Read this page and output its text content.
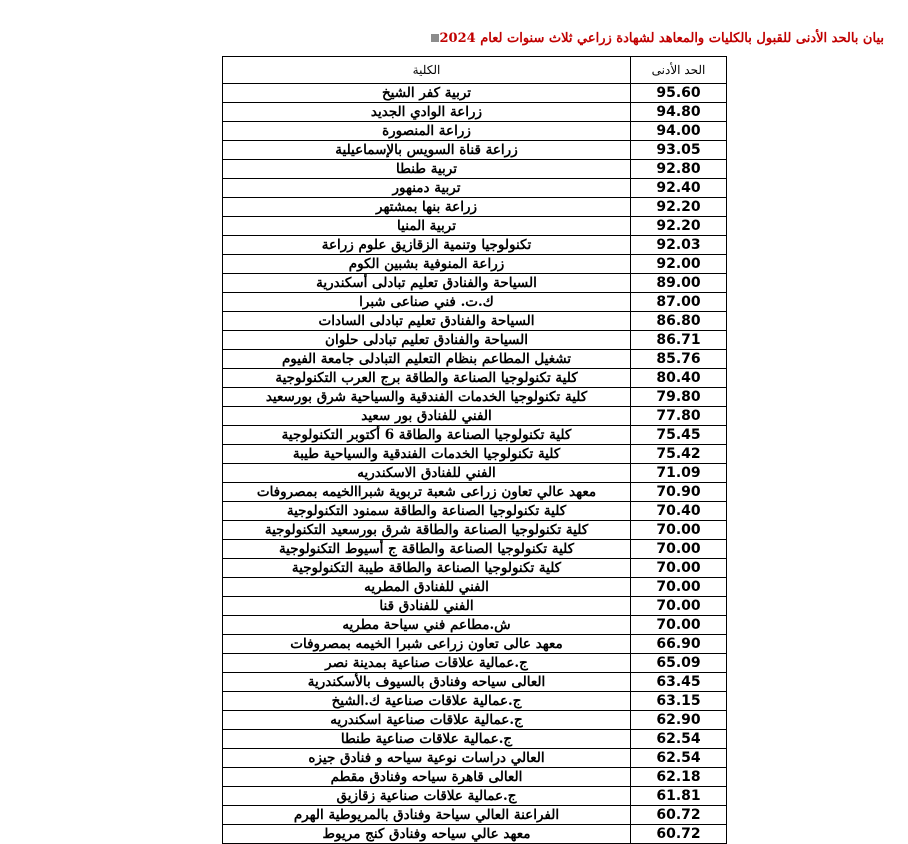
بيان بالحد الأدنى للقبول بالكليات والمعاهد لشهادة زراعي ثلاث سنوات لعام 2024
الحد الأدنى	الكلية
95.60	تربية كفر الشيخ
94.80	زراعة الوادي الجديد
94.00	زراعة المنصورة
93.05	زراعة قناة السويس بالإسماعيلية
92.80	تربية طنطا
92.40	تربية دمنهور
92.20	زراعة بنها بمشتهر
92.20	تربية المنيا
92.03	تكنولوجيا وتنمية الزقازيق علوم زراعة
92.00	زراعة المنوفية بشبين الكوم
89.00	السياحة والفنادق تعليم تبادلى أسكندرية
87.00	ك.ت. فني صناعى شبرا
86.80	السياحة والفنادق تعليم تبادلى السادات
86.71	السياحة والفنادق تعليم تبادلى حلوان
85.76	تشغيل المطاعم بنظام التعليم التبادلى جامعة الفيوم
80.40	كلية تكنولوجيا الصناعة والطاقة برج العرب التكنولوجية
79.80	كلية تكنولوجيا الخدمات الفندقية والسياحية شرق بورسعيد
77.80	الفني للفنادق بور سعيد
75.45	كلية تكنولوجيا الصناعة والطاقة 6 أكتوبر التكنولوجية
75.42	كلية تكنولوجيا الخدمات الفندقية والسياحية طيبة
71.09	الفني للفنادق الاسكندريه
70.90	معهد عالي تعاون زراعى شعبة تربوية شبراالخيمه بمصروفات
70.40	كلية تكنولوجيا الصناعة والطاقة سمنود التكنولوجية
70.00	كلية تكنولوجيا الصناعة والطاقة شرق بورسعيد التكنولوجية
70.00	كلية تكنولوجيا الصناعة والطاقة ج أسيوط التكنولوجية
70.00	كلية تكنولوجيا الصناعة والطاقة طيبة التكنولوجية
70.00	الفني للفنادق المطريه
70.00	الفني للفنادق قنا
70.00	ش.مطاعم فني سياحة مطريه
66.90	معهد عالى تعاون زراعى شبرا الخيمه بمصروفات
65.09	ج.عمالية علاقات صناعية بمدينة نصر
63.45	العالى سياحه وفنادق بالسيوف بالأسكندرية
63.15	ج.عمالية علاقات صناعية ك.الشيخ
62.90	ج.عمالية علاقات صناعية اسكندريه
62.54	ج.عمالية علاقات صناعية طنطا
62.54	العالي دراسات نوعية سياحه و فنادق جيزه
62.18	العالى قاهرة سياحه وفنادق مقطم
61.81	ج.عمالية علاقات صناعية زقازيق
60.72	الفراعنة العالي سياحة وفنادق بالمريوطية الهرم
60.72	معهد عالي سياحه وفنادق كنج مريوط
